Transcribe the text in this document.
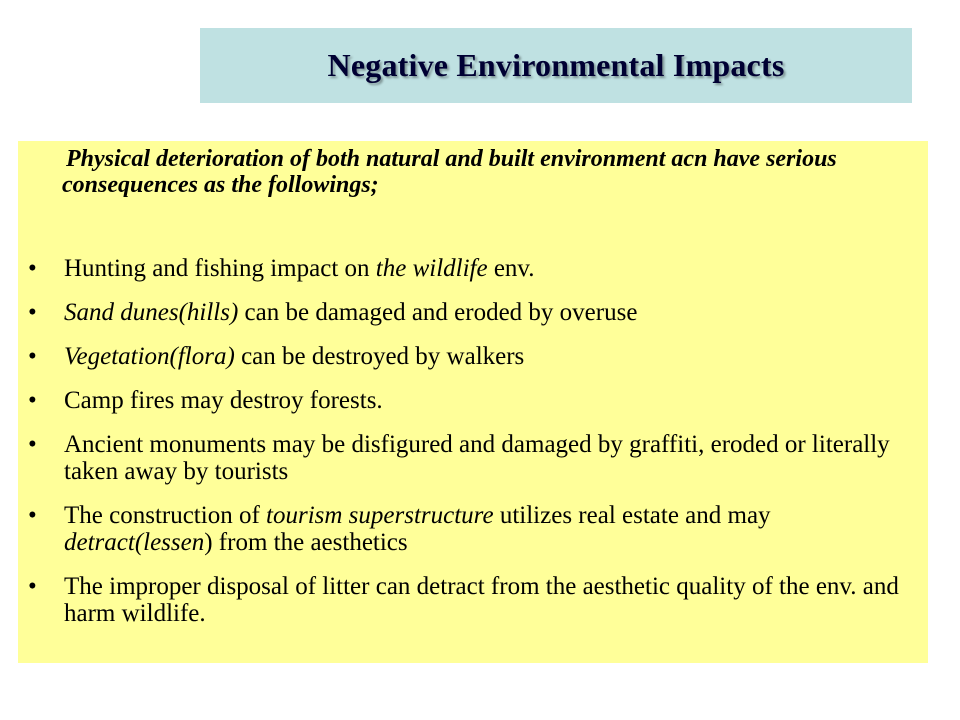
Negative Environmental Impacts
Physical deterioration of both natural and built environment acn have serious consequences as the followings;
• Hunting and fishing impact on the wildlife env.
• Sand dunes(hills) can be damaged and eroded by overuse
• Vegetation(flora) can be destroyed by walkers
• Camp fires may destroy forests.
• Ancient monuments may be disfigured and damaged by graffiti, eroded or literally taken away by tourists
• The construction of tourism superstructure utilizes real estate and may detract(lessen) from the aesthetics
• The improper disposal of litter can detract from the aesthetic quality of the env. and harm wildlife.
